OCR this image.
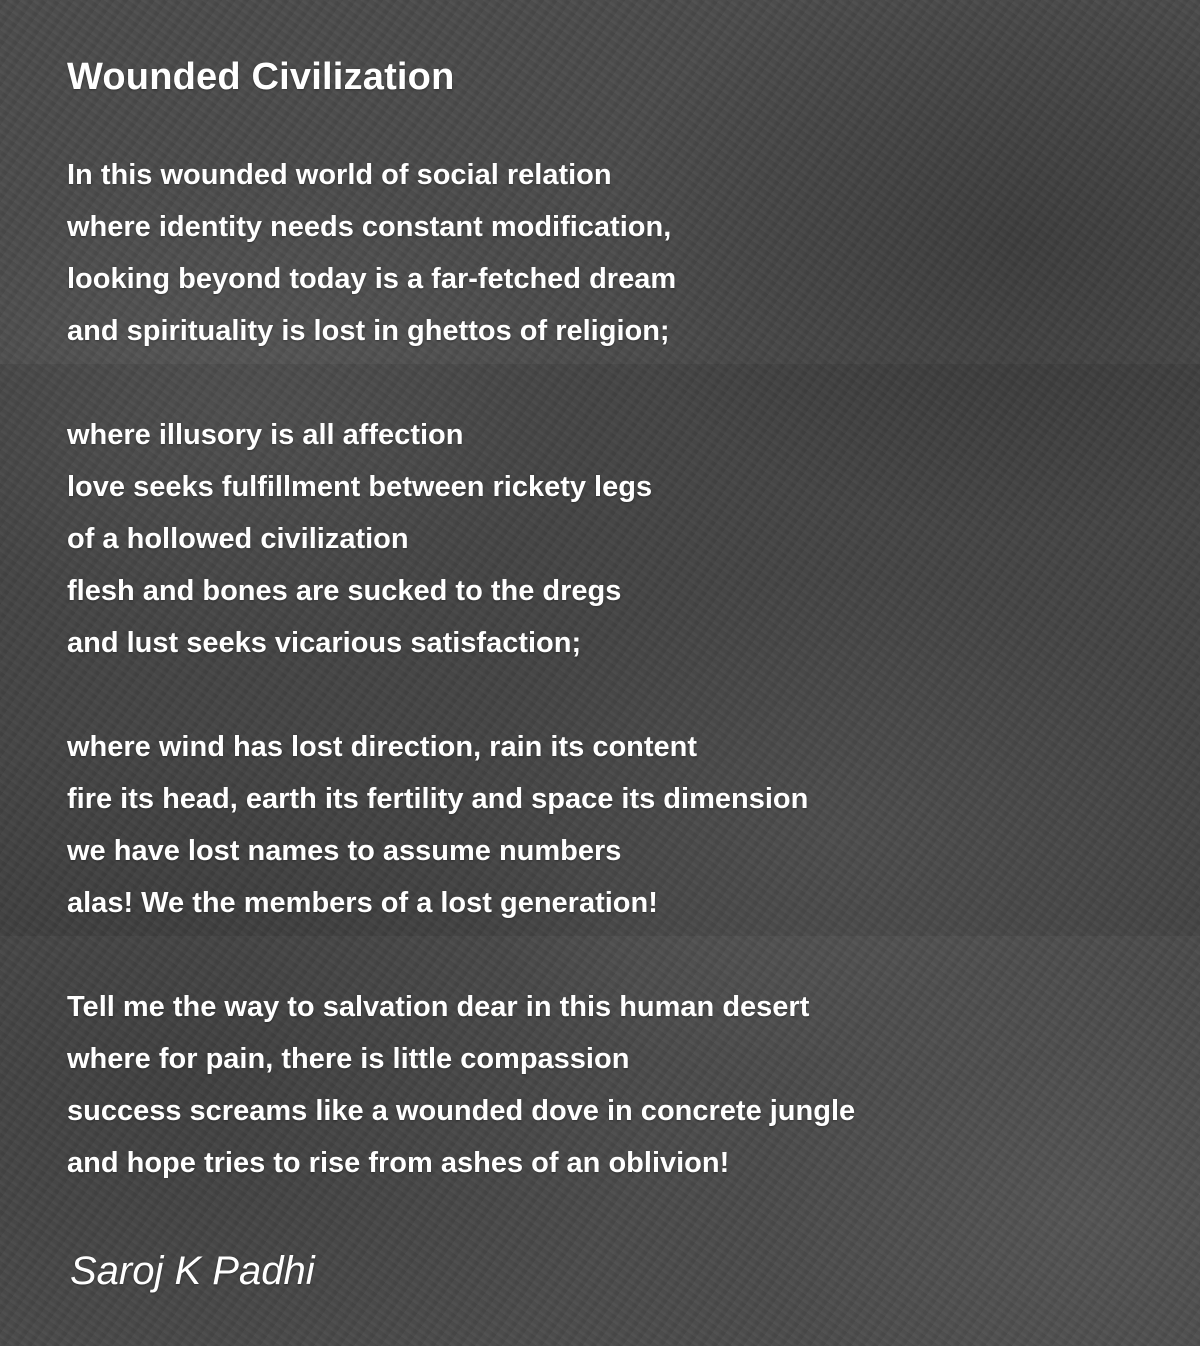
Wounded Civilization
In this wounded world of social relation
where identity needs constant modification,
looking beyond today is a far-fetched dream
and spirituality is lost in ghettos of religion;
where illusory is all affection
love seeks fulfillment between rickety legs
of a hollowed civilization
flesh and bones are sucked to the dregs
and lust seeks vicarious satisfaction;
where wind has lost direction, rain its content
fire its head, earth its fertility and space its dimension
we have lost names to assume numbers
alas! We the members of a lost generation!
Tell me the way to salvation dear in this human desert
where for pain, there is little compassion
success screams like a wounded dove in concrete jungle
and hope tries to rise from ashes of an oblivion!

Saroj K Padhi
